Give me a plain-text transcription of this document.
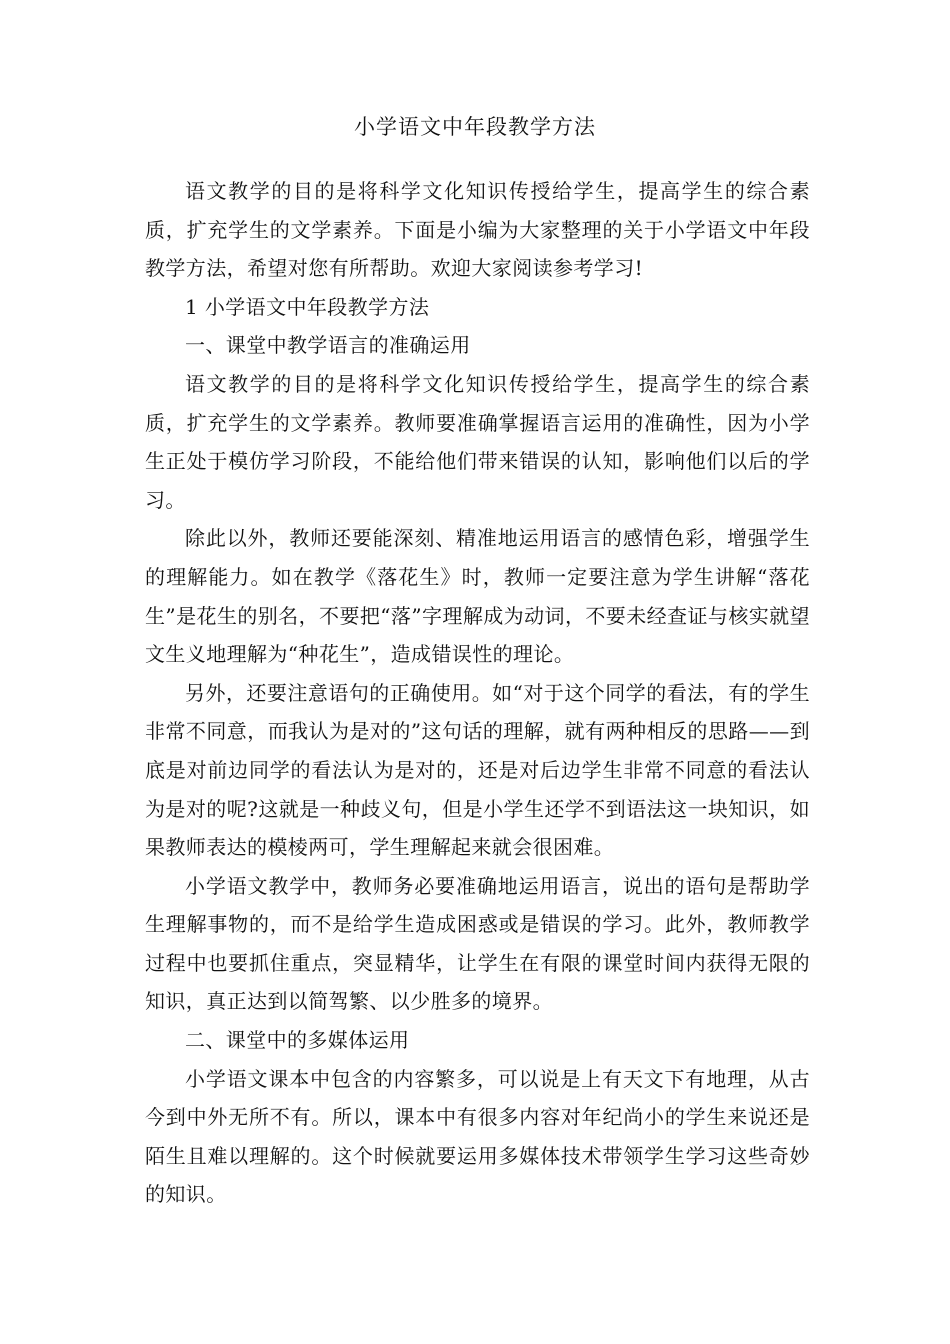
小学语文中年段教学方法

语文教学的目的是将科学文化知识传授给学生，提高学生的综合素质，扩充学生的文学素养。下面是小编为大家整理的关于小学语文中年段教学方法，希望对您有所帮助。欢迎大家阅读参考学习!

1 小学语文中年段教学方法

一、课堂中教学语言的准确运用

语文教学的目的是将科学文化知识传授给学生，提高学生的综合素质，扩充学生的文学素养。教师要准确掌握语言运用的准确性，因为小学生正处于模仿学习阶段，不能给他们带来错误的认知，影响他们以后的学习。

除此以外，教师还要能深刻、精准地运用语言的感情色彩，增强学生的理解能力。如在教学《落花生》时，教师一定要注意为学生讲解“落花生”是花生的别名，不要把“落”字理解成为动词，不要未经查证与核实就望文生义地理解为“种花生”，造成错误性的理论。

另外，还要注意语句的正确使用。如“对于这个同学的看法，有的学生非常不同意，而我认为是对的”这句话的理解，就有两种相反的思路——到底是对前边同学的看法认为是对的，还是对后边学生非常不同意的看法认为是对的呢?这就是一种歧义句，但是小学生还学不到语法这一块知识，如果教师表达的模棱两可，学生理解起来就会很困难。

小学语文教学中，教师务必要准确地运用语言，说出的语句是帮助学生理解事物的，而不是给学生造成困惑或是错误的学习。此外，教师教学过程中也要抓住重点，突显精华，让学生在有限的课堂时间内获得无限的知识，真正达到以简驾繁、以少胜多的境界。

二、课堂中的多媒体运用

小学语文课本中包含的内容繁多，可以说是上有天文下有地理，从古今到中外无所不有。所以，课本中有很多内容对年纪尚小的学生来说还是陌生且难以理解的。这个时候就要运用多媒体技术带领学生学习这些奇妙的知识。
